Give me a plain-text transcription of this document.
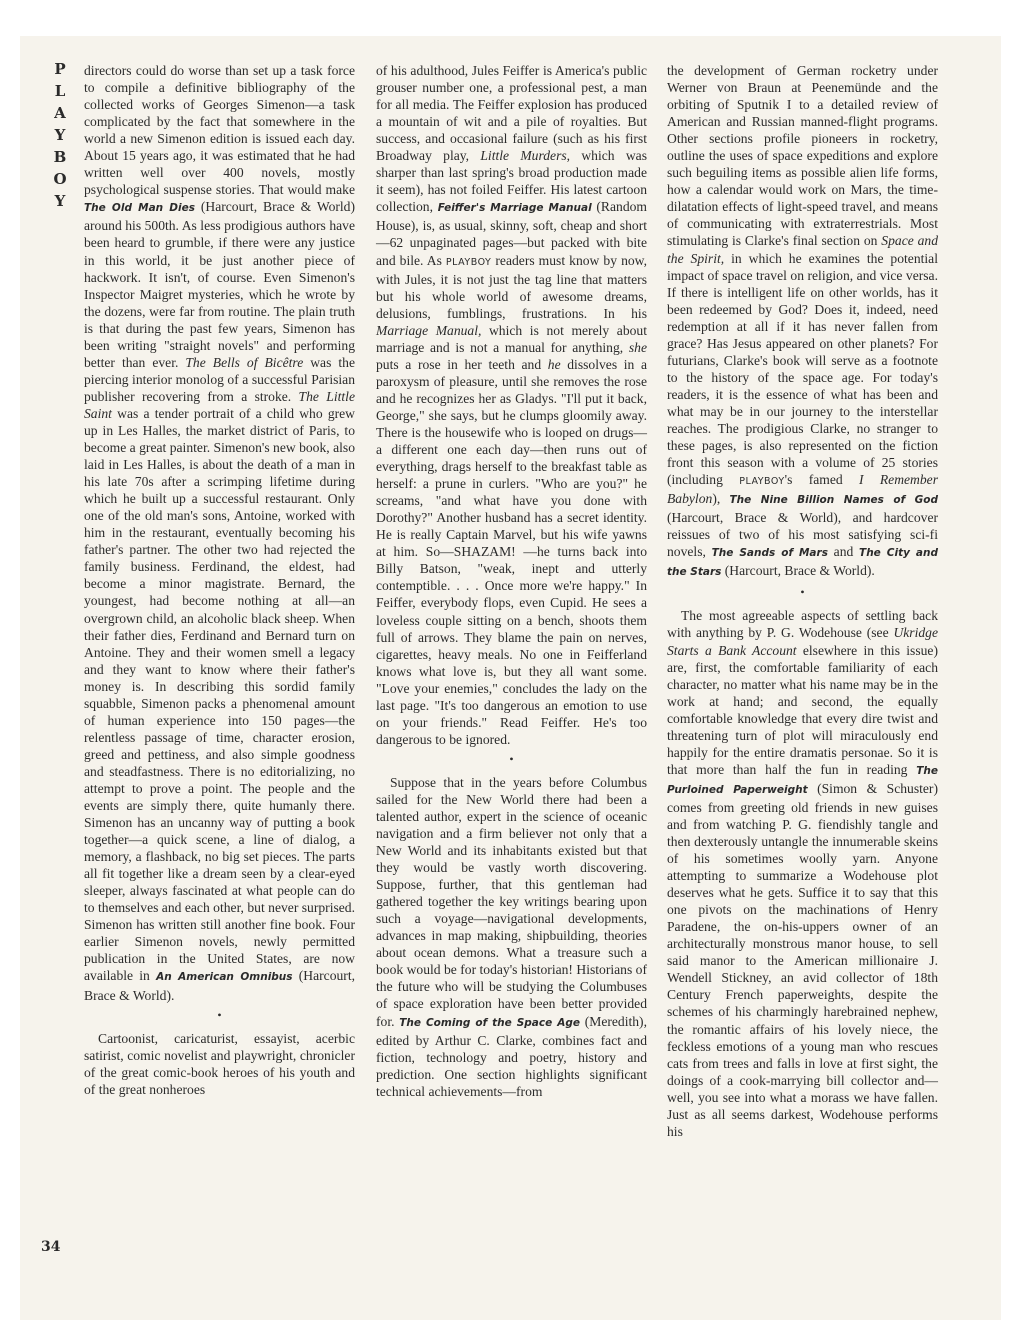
P
L
A
Y
B
O
Y
34

directors could do worse than set up a task force to compile a definitive bibliography of the collected works of Georges Simenon—a task complicated by the fact that somewhere in the world a new Simenon edition is issued each day. About 15 years ago, it was estimated that he had written well over 400 novels, mostly psychological suspense stories. That would make The Old Man Dies (Harcourt, Brace & World) around his 500th. As less prodigious authors have been heard to grumble, if there were any justice in this world, it be just another piece of hackwork. It isn't, of course. Even Simenon's Inspector Maigret mysteries, which he wrote by the dozens, were far from routine. The plain truth is that during the past few years, Simenon has been writing "straight novels" and performing better than ever. The Bells of Bicêtre was the piercing interior monolog of a successful Parisian publisher recovering from a stroke. The Little Saint was a tender portrait of a child who grew up in Les Halles, the market district of Paris, to become a great painter. Simenon's new book, also laid in Les Halles, is about the death of a man in his late 70s after a scrimping lifetime during which he built up a successful restaurant. Only one of the old man's sons, Antoine, worked with him in the restaurant, eventually becoming his father's partner. The other two had rejected the family business. Ferdinand, the eldest, had become a minor magistrate. Bernard, the youngest, had become nothing at all—an overgrown child, an alcoholic black sheep. When their father dies, Ferdinand and Bernard turn on Antoine. They and their women smell a legacy and they want to know where their father's money is. In describing this sordid family squabble, Simenon packs a phenomenal amount of human experience into 150 pages—the relentless passage of time, character erosion, greed and pettiness, and also simple goodness and steadfastness. There is no editorializing, no attempt to prove a point. The people and the events are simply there, quite humanly there. Simenon has an uncanny way of putting a book together—a quick scene, a line of dialog, a memory, a flashback, no big set pieces. The parts all fit together like a dream seen by a clear-eyed sleeper, always fascinated at what people can do to themselves and each other, but never surprised. Simenon has written still another fine book. Four earlier Simenon novels, newly permitted publication in the United States, are now available in An American Omnibus (Harcourt, Brace & World).

•

Cartoonist, caricaturist, essayist, acerbic satirist, comic novelist and playwright, chronicler of the great comic-book heroes of his youth and of the great nonheroes

of his adulthood, Jules Feiffer is America's public grouser number one, a professional pest, a man for all media. The Feiffer explosion has produced a mountain of wit and a pile of royalties. But success, and occasional failure (such as his first Broadway play, Little Murders, which was sharper than last spring's broad production made it seem), has not foiled Feiffer. His latest cartoon collection, Feiffer's Marriage Manual (Random House), is, as usual, skinny, soft, cheap and short—62 unpaginated pages—but packed with bite and bile. As PLAYBOY readers must know by now, with Jules, it is not just the tag line that matters but his whole world of awesome dreams, delusions, fumblings, frustrations. In his Marriage Manual, which is not merely about marriage and is not a manual for anything, she puts a rose in her teeth and he dissolves in a paroxysm of pleasure, until she removes the rose and he recognizes her as Gladys. "I'll put it back, George," she says, but he clumps gloomily away. There is the housewife who is looped on drugs—a different one each day—then runs out of everything, drags herself to the breakfast table as herself: a prune in curlers. "Who are you?" he screams, "and what have you done with Dorothy?" Another husband has a secret identity. He is really Captain Marvel, but his wife yawns at him. So—SHAZAM! —he turns back into Billy Batson, "weak, inept and utterly contemptible. . . . Once more we're happy." In Feiffer, everybody flops, even Cupid. He sees a loveless couple sitting on a bench, shoots them full of arrows. They blame the pain on nerves, cigarettes, heavy meals. No one in Feifferland knows what love is, but they all want some. "Love your enemies," concludes the lady on the last page. "It's too dangerous an emotion to use on your friends." Read Feiffer. He's too dangerous to be ignored.

•

Suppose that in the years before Columbus sailed for the New World there had been a talented author, expert in the science of oceanic navigation and a firm believer not only that a New World and its inhabitants existed but that they would be vastly worth discovering. Suppose, further, that this gentleman had gathered together the key writings bearing upon such a voyage—navigational developments, advances in map making, shipbuilding, theories about ocean demons. What a treasure such a book would be for today's historian! Historians of the future who will be studying the Columbuses of space exploration have been better provided for. The Coming of the Space Age (Meredith), edited by Arthur C. Clarke, combines fact and fiction, technology and poetry, history and prediction. One section highlights significant technical achievements—from

the development of German rocketry under Werner von Braun at Peenemünde and the orbiting of Sputnik I to a detailed review of American and Russian manned-flight programs. Other sections profile pioneers in rocketry, outline the uses of space expeditions and explore such beguiling items as possible alien life forms, how a calendar would work on Mars, the time-dilatation effects of light-speed travel, and means of communicating with extraterrestrials. Most stimulating is Clarke's final section on Space and the Spirit, in which he examines the potential impact of space travel on religion, and vice versa. If there is intelligent life on other worlds, has it been redeemed by God? Does it, indeed, need redemption at all if it has never fallen from grace? Has Jesus appeared on other planets? For futurians, Clarke's book will serve as a footnote to the history of the space age. For today's readers, it is the essence of what has been and what may be in our journey to the interstellar reaches. The prodigious Clarke, no stranger to these pages, is also represented on the fiction front this season with a volume of 25 stories (including PLAYBOY's famed I Remember Babylon), The Nine Billion Names of God (Harcourt, Brace & World), and hardcover reissues of two of his most satisfying sci-fi novels, The Sands of Mars and The City and the Stars (Harcourt, Brace & World).

•

The most agreeable aspects of settling back with anything by P. G. Wodehouse (see Ukridge Starts a Bank Account elsewhere in this issue) are, first, the comfortable familiarity of each character, no matter what his name may be in the work at hand; and second, the equally comfortable knowledge that every dire twist and threatening turn of plot will miraculously end happily for the entire dramatis personae. So it is that more than half the fun in reading The Purloined Paperweight (Simon & Schuster) comes from greeting old friends in new guises and from watching P. G. fiendishly tangle and then dexterously untangle the innumerable skeins of his sometimes woolly yarn. Anyone attempting to summarize a Wodehouse plot deserves what he gets. Suffice it to say that this one pivots on the machinations of Henry Paradene, the on-his-uppers owner of an architecturally monstrous manor house, to sell said manor to the American millionaire J. Wendell Stickney, an avid collector of 18th Century French paperweights, despite the schemes of his charmingly harebrained nephew, the romantic affairs of his lovely niece, the feckless emotions of a young man who rescues cats from trees and falls in love at first sight, the doings of a cook-marrying bill collector and—well, you see into what a morass we have fallen. Just as all seems darkest, Wodehouse performs his
